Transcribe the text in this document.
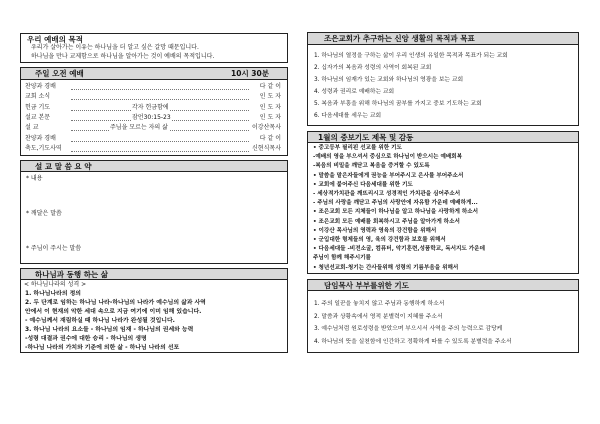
우리 예배의 목적
우리가 살아가는 이유는 하나님을 더 알고 싶은 갈망 때문입니다.
하나님을 만나 교제함으로 하나님을 알아가는 것이 예배의 목적입니다.
주일 오전 예배	10시 30분
찬양과 경배	다 같 이
교회 소식	인 도 자
헌금 기도	각자 헌금함에	인 도 자
설교 본문	잠언30:15-23	인 도 자
설 교	주님을 모르는 자의 삶	이강산목사
찬양과 경배	다 같 이
축도,기도사역	신현식목사
설 교 말 씀 요 약
* 내용
* 깨달은 말씀
* 주님이 주시는 말씀
하나님과 동행 하는 삶
< 하나님나라의 성격 >
1. 하나님나라의 정의
2. 두 단계로 임하는 하나님 나라-하나님의 나라가 예수님의 삶과 사역
안에서 이 현재의 악한 세대 속으로 지금 여기에 이미 임해 있습니다.
- 예수님께서 재림하실 때 하나님 나라가 완성될 것입니다.
3. 하나님 나라의 요소들 - 하나님의 임재 - 하나님의 권세와 능력
-성령 대결과 권수에 대한 승리 - 하나님의 생명
-하나님 나라의 가치와 기준에 의한 삶 - 하나님 나라의 선포
조은교회가 추구하는 신앙 생활의 목적과 목표
1. 하나님의 열정을 구하는 삶이 우리 인생의 유일한 목적과 목표가 되는 교회
2. 십자가의 복음과 성령의 사역이 회복된 교회
3. 하나님의 임재가 있는 교회와 하나님의 영광을 보는 교회
4. 성령과 권리로 예배하는 교회
5. 복음과 부흥을 위해 하나님의 꿈부를 가지고 중보 기도하는 교회
6. 다음세대를 세우는 교회
1월의 중보기도 제목 및 감동
• 중고등부 필리핀 선교를 위한 기도
-예배의 영을 부으셔서 중심으로 하나님이 받으시는 예배회복
-복음의 비밀을 깨닫고 복음을 증거할 수 있도록
• 말씀을 맡은자들에게 권능을 부어주시고 은사를 부어주소서
• 교회에 붙어주신 다음세대를 위한 기도
- 세상적가치관을 깨뜨리시고 성경적인 가치관을 심어주소서
- 주님의 사랑을 깨닫고 주님의 사랑안에 자유함 가운데 예배하게...
• 조은교회 모든 지체들이 하나님을 알고 하나님을 사랑하게 하소서
• 조은교회 모든 예배를 회복하시고 주님을 알아가게 하소서
• 이강산 목사님의 영력과 영육의 강건함을 위해서
• 군입대한 형제들의 영, 육의 강건함과 보호를 위해서
• 다음세대들 -비전소굴, 컴퓨터, 악기훈련,성품학교, 독서지도 가운데
주님이 함께 해주시기를
• 청년선교회-청기는 간사들위해 성령의 기름부음을 위해서
담임목사 부부를위한 기도
1. 주의 일꾼을 놓치지 않고 주님과 동행하게 하소서
2. 말씀과 상황속에서 영적 분별력이 지혜를 주소서
3. 예수님처럼 원로성령을 받았으며 부으시서 사역을 주의 능력으로 감당케
4. 하나님의 뜻을 실천함에 인간하고 정확하게 따를 수 있도록 분별력을 주소서
